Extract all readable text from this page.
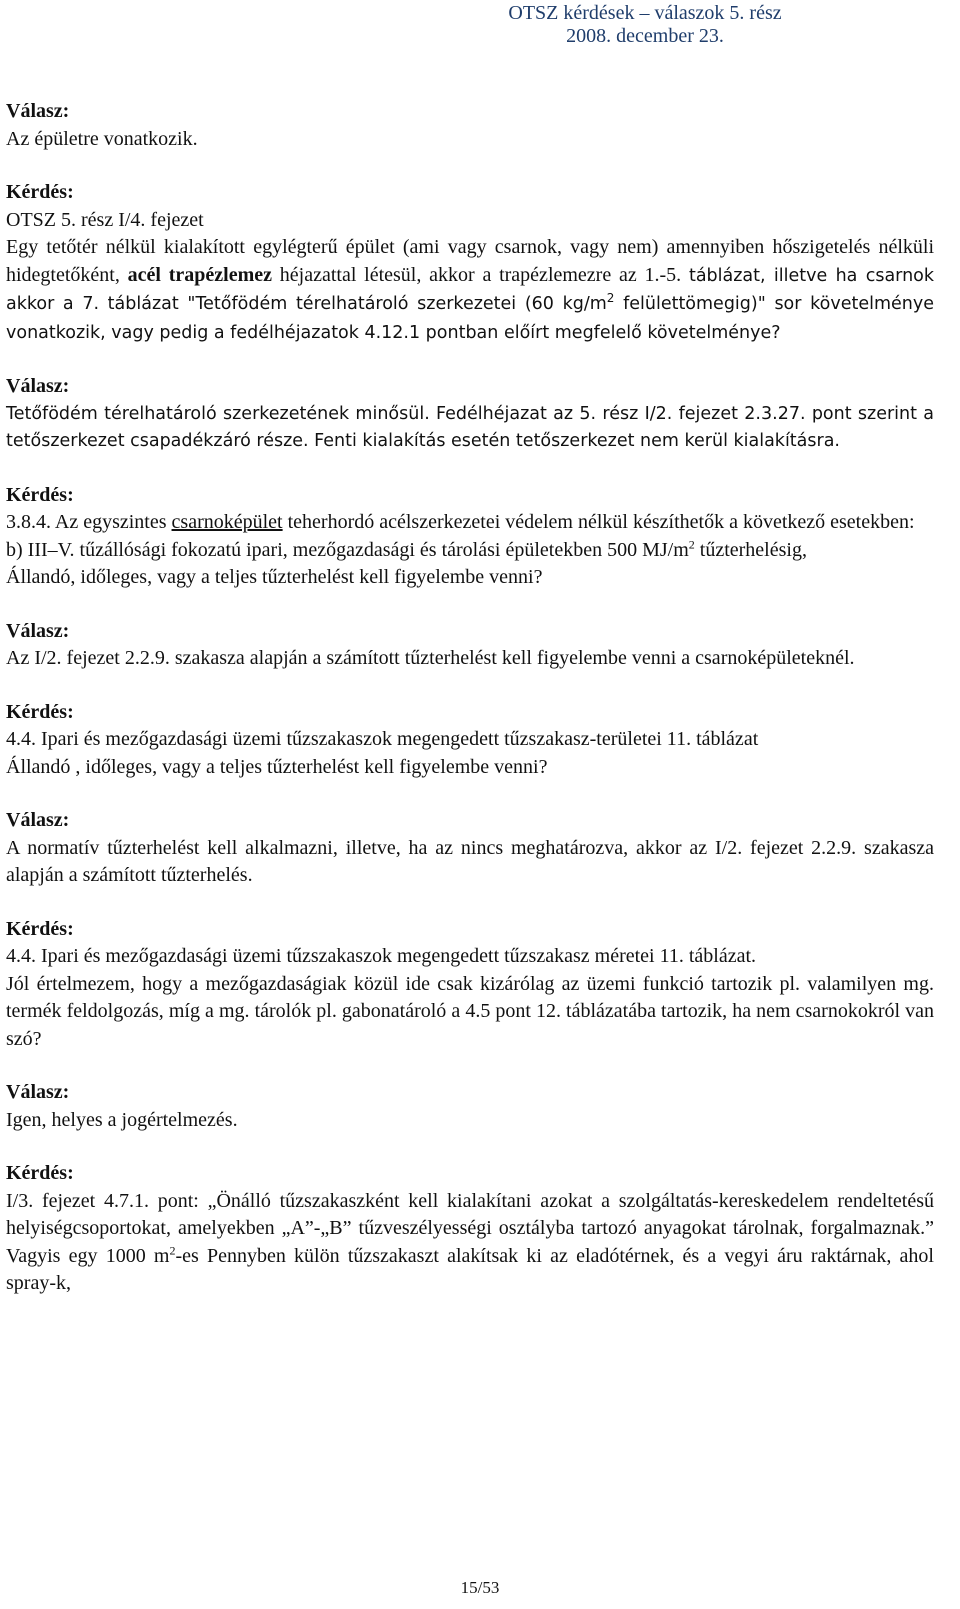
OTSZ kérdések – válaszok 5. rész
2008. december 23.
Válasz:
Az épületre vonatkozik.
Kérdés:
OTSZ 5. rész I/4. fejezet
Egy tetőtér nélkül kialakított egylégterű épület (ami vagy csarnok, vagy nem) amennyiben hőszigetelés nélküli hidegtetőként, acél trapézlemez héjazattal létesül, akkor a trapézlemezre az 1.-5. táblázat, illetve ha csarnok akkor a 7. táblázat "Tetőfödém térelhatároló szerkezetei (60 $kg/m^2$ felülettömegig)" sor követelménye vonatkozik, vagy pedig a fedélhéjazatok 4.12.1 pontban előírt megfelelő követelménye?
Válasz:
Tetőfödém térelhatároló szerkezetének minősül. Fedélhéjazat az 5. rész I/2. fejezet 2.3.27. pont szerint a tetőszerkezet csapadékzáró része. Fenti kialakítás esetén tetőszerkezet nem kerül kialakításra.
Kérdés:
3.8.4. Az egyszintes csarnoképület teherhordó acélszerkezetei védelem nélkül készíthetők a következő esetekben:
b) III–V. tűzállósági fokozatú ipari, mezőgazdasági és tárolási épületekben 500 $MJ/m^2$ tűzterhelésig,
Állandó, időleges, vagy a teljes tűzterhelést kell figyelembe venni?
Válasz:
Az I/2. fejezet 2.2.9. szakasza alapján a számított tűzterhelést kell figyelembe venni a csarnoképületeknél.
Kérdés:
4.4. Ipari és mezőgazdasági üzemi tűzszakaszok megengedett tűzszakasz-területei 11. táblázat
Állandó , időleges, vagy a teljes tűzterhelést kell figyelembe venni?
Válasz:
A normatív tűzterhelést kell alkalmazni, illetve, ha az nincs meghatározva, akkor az I/2. fejezet 2.2.9. szakasza alapján a számított tűzterhelés.
Kérdés:
4.4. Ipari és mezőgazdasági üzemi tűzszakaszok megengedett tűzszakasz méretei 11. táblázat.
Jól értelmezem, hogy a mezőgazdaságiak közül ide csak kizárólag az üzemi funkció tartozik pl. valamilyen mg. termék feldolgozás, míg a mg. tárolók pl. gabonatároló a 4.5 pont 12. táblázatába tartozik, ha nem csarnokokról van szó?
Válasz:
Igen, helyes a jogértelmezés.
Kérdés:
I/3. fejezet 4.7.1. pont: „Önálló tűzszakaszként kell kialakítani azokat a szolgáltatás-kereskedelem rendeltetésű helyiségcsoportokat, amelyekben „A”-„B” tűzveszélyességi osztályba tartozó anyagokat tárolnak, forgalmaznak.” Vagyis egy 1000 $m^2-es$ Pennyben külön tűzszakaszt alakítsak ki az eladótérnek, és a vegyi áru raktárnak, ahol spray-k,
15/53
